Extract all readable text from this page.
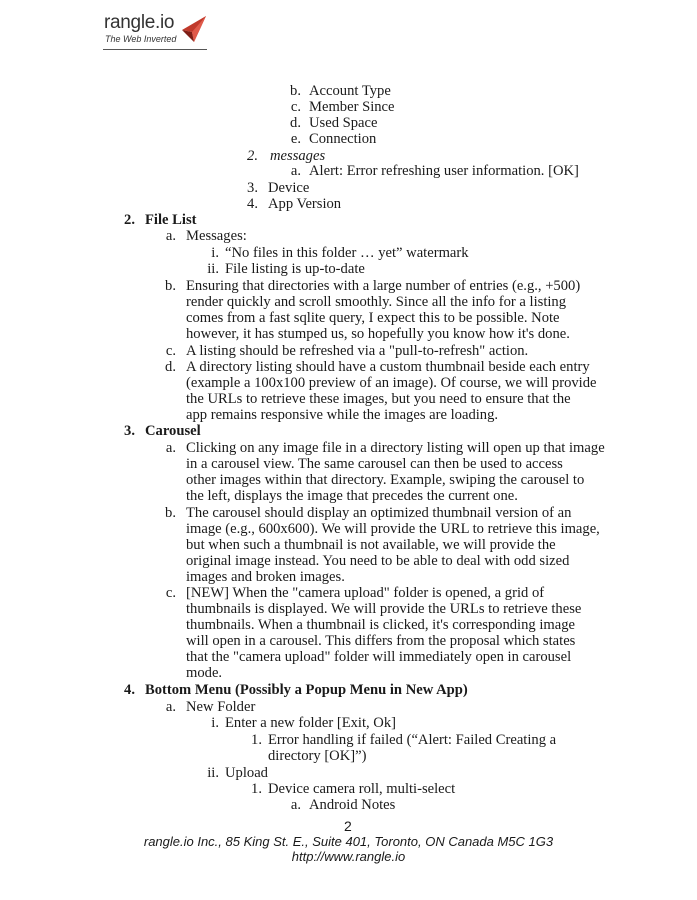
rangle.io
The Web Inverted
b. Account Type
c. Member Since
d. Used Space
e. Connection
2. messages
a. Alert: Error refreshing user information. [OK]
3. Device
4. App Version
2. File List
a. Messages:
i. “No files in this folder … yet” watermark
ii. File listing is up-to-date
b. Ensuring that directories with a large number of entries (e.g., +500)
render quickly and scroll smoothly. Since all the info for a listing
comes from a fast sqlite query, I expect this to be possible. Note
however, it has stumped us, so hopefully you know how it's done.
c. A listing should be refreshed via a "pull-to-refresh" action.
d. A directory listing should have a custom thumbnail beside each entry
(example a 100x100 preview of an image). Of course, we will provide
the URLs to retrieve these images, but you need to ensure that the
app remains responsive while the images are loading.
3. Carousel
a. Clicking on any image file in a directory listing will open up that image
in a carousel view. The same carousel can then be used to access
other images within that directory. Example, swiping the carousel to
the left, displays the image that precedes the current one.
b. The carousel should display an optimized thumbnail version of an
image (e.g., 600x600). We will provide the URL to retrieve this image,
but when such a thumbnail is not available, we will provide the
original image instead. You need to be able to deal with odd sized
images and broken images.
c. [NEW] When the "camera upload" folder is opened, a grid of
thumbnails is displayed. We will provide the URLs to retrieve these
thumbnails. When a thumbnail is clicked, it's corresponding image
will open in a carousel. This differs from the proposal which states
that the "camera upload" folder will immediately open in carousel
mode.
4. Bottom Menu (Possibly a Popup Menu in New App)
a. New Folder
i. Enter a new folder [Exit, Ok]
1. Error handling if failed (“Alert: Failed Creating a
directory [OK]”)
ii. Upload
1. Device camera roll, multi-select
a. Android Notes
2
rangle.io Inc., 85 King St. E., Suite 401, Toronto, ON Canada M5C 1G3
http://www.rangle.io
